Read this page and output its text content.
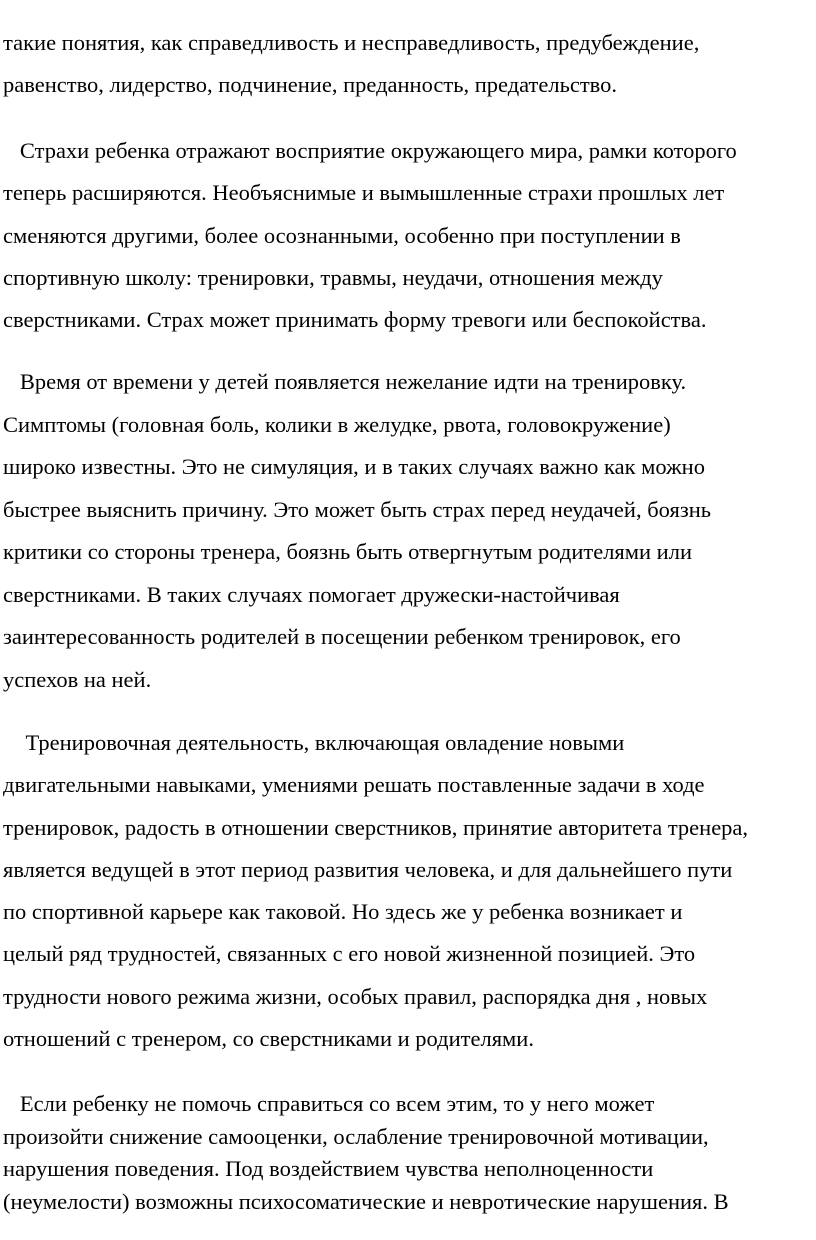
такие понятия, как справедливость и несправедливость, предубеждение,
равенство, лидерство, подчинение, преданность, предательство.
Страхи ребенка отражают восприятие окружающего мира, рамки которого
теперь расширяются. Необъяснимые и вымышленные страхи прошлых лет
сменяются другими, более осознанными, особенно при поступлении в
спортивную школу: тренировки, травмы, неудачи, отношения между
сверстниками. Страх может принимать форму тревоги или беспокойства.
Время от времени у детей появляется нежелание идти на тренировку.
Симптомы (головная боль, колики в желудке, рвота, головокружение)
широко известны. Это не симуляция, и в таких случаях важно как можно
быстрее выяснить причину. Это может быть страх перед неудачей, боязнь
критики со стороны тренера, боязнь быть отвергнутым родителями или
сверстниками. В таких случаях помогает дружески-настойчивая
заинтересованность родителей в посещении ребенком тренировок, его
успехов на ней.
Тренировочная деятельность, включающая овладение новыми
двигательными навыками, умениями решать поставленные задачи в ходе
тренировок, радость в отношении сверстников, принятие авторитета тренера,
является ведущей в этот период развития человека, и для дальнейшего пути
по спортивной карьере как таковой. Но здесь же у ребенка возникает и
целый ряд трудностей, связанных с его новой жизненной позицией. Это
трудности нового режима жизни, особых правил, распорядка дня , новых
отношений с тренером, со сверстниками и родителями.
Если ребенку не помочь справиться со всем этим, то у него может
произойти снижение самооценки, ослабление тренировочной мотивации,
нарушения поведения. Под воздействием чувства неполноценности
(неумелости) возможны психосоматические и невротические нарушения. В
